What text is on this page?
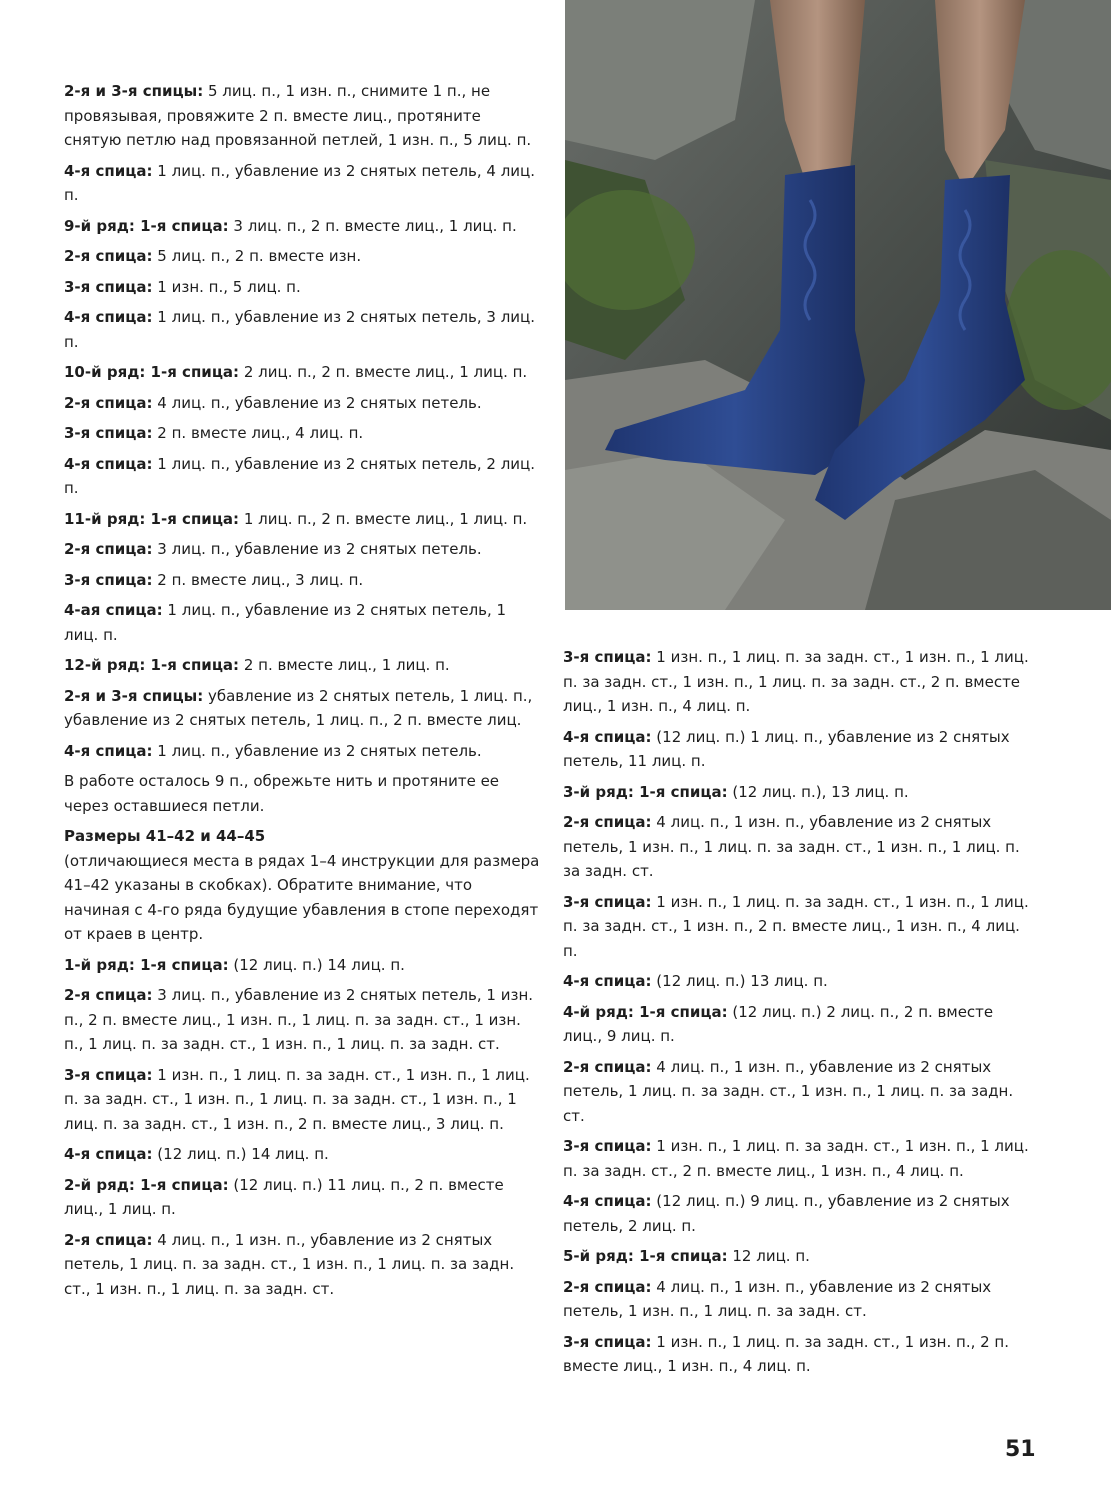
2-я и 3-я спицы: 5 лиц. п., 1 изн. п., снимите 1 п., не провязывая, провяжите 2 п. вместе лиц., протяните снятую петлю над провязанной петлей, 1 изн. п., 5 лиц. п.

4-я спица: 1 лиц. п., убавление из 2 снятых петель, 4 лиц. п.

9-й ряд: 1-я спица: 3 лиц. п., 2 п. вместе лиц., 1 лиц. п.

2-я спица: 5 лиц. п., 2 п. вместе изн.

3-я спица: 1 изн. п., 5 лиц. п.

4-я спица: 1 лиц. п., убавление из 2 снятых петель, 3 лиц. п.

10-й ряд: 1-я спица: 2 лиц. п., 2 п. вместе лиц., 1 лиц. п.

2-я спица: 4 лиц. п., убавление из 2 снятых петель.

3-я спица: 2 п. вместе лиц., 4 лиц. п.

4-я спица: 1 лиц. п., убавление из 2 снятых петель, 2 лиц. п.

11-й ряд: 1-я спица: 1 лиц. п., 2 п. вместе лиц., 1 лиц. п.

2-я спица: 3 лиц. п., убавление из 2 снятых петель.

3-я спица: 2 п. вместе лиц., 3 лиц. п.

4-ая спица: 1 лиц. п., убавление из 2 снятых петель, 1 лиц. п.

12-й ряд: 1-я спица: 2 п. вместе лиц., 1 лиц. п.

2-я и 3-я спицы: убавление из 2 снятых петель, 1 лиц. п., убавление из 2 снятых петель, 1 лиц. п., 2 п. вместе лиц.

4-я спица: 1 лиц. п., убавление из 2 снятых петель.

В работе осталось 9 п., обрежьте нить и протяните ее через оставшиеся петли.

Размеры 41–42 и 44–45

(отличающиеся места в рядах 1–4 инструкции для размера 41–42 указаны в скобках). Обратите внимание, что начиная с 4-го ряда будущие убавления в стопе переходят от краев в центр.

1-й ряд: 1-я спица: (12 лиц. п.) 14 лиц. п.

2-я спица: 3 лиц. п., убавление из 2 снятых петель, 1 изн. п., 2 п. вместе лиц., 1 изн. п., 1 лиц. п. за задн. ст., 1 изн. п., 1 лиц. п. за задн. ст., 1 изн. п., 1 лиц. п. за задн. ст.

3-я спица: 1 изн. п., 1 лиц. п. за задн. ст., 1 изн. п., 1 лиц. п. за задн. ст., 1 изн. п., 1 лиц. п. за задн. ст., 1 изн. п., 1 лиц. п. за задн. ст., 1 изн. п., 2 п. вместе лиц., 3 лиц. п.

4-я спица: (12 лиц. п.) 14 лиц. п.

2-й ряд: 1-я спица: (12 лиц. п.) 11 лиц. п., 2 п. вместе лиц., 1 лиц. п.

2-я спица: 4 лиц. п., 1 изн. п., убавление из 2 снятых петель, 1 лиц. п. за задн. ст., 1 изн. п., 1 лиц. п. за задн. ст., 1 изн. п., 1 лиц. п. за задн. ст.

3-я спица: 1 изн. п., 1 лиц. п. за задн. ст., 1 изн. п., 1 лиц. п. за задн. ст., 1 изн. п., 1 лиц. п. за задн. ст., 2 п. вместе лиц., 1 изн. п., 4 лиц. п.

4-я спица: (12 лиц. п.) 1 лиц. п., убавление из 2 снятых петель, 11 лиц. п.

3-й ряд: 1-я спица: (12 лиц. п.), 13 лиц. п.

2-я спица: 4 лиц. п., 1 изн. п., убавление из 2 снятых петель, 1 изн. п., 1 лиц. п. за задн. ст., 1 изн. п., 1 лиц. п. за задн. ст.

3-я спица: 1 изн. п., 1 лиц. п. за задн. ст., 1 изн. п., 1 лиц. п. за задн. ст., 1 изн. п., 2 п. вместе лиц., 1 изн. п., 4 лиц. п.

4-я спица: (12 лиц. п.) 13 лиц. п.

4-й ряд: 1-я спица: (12 лиц. п.) 2 лиц. п., 2 п. вместе лиц., 9 лиц. п.

2-я спица: 4 лиц. п., 1 изн. п., убавление из 2 снятых петель, 1 лиц. п. за задн. ст., 1 изн. п., 1 лиц. п. за задн. ст.

3-я спица: 1 изн. п., 1 лиц. п. за задн. ст., 1 изн. п., 1 лиц. п. за задн. ст., 2 п. вместе лиц., 1 изн. п., 4 лиц. п.

4-я спица: (12 лиц. п.) 9 лиц. п., убавление из 2 снятых петель, 2 лиц. п.

5-й ряд: 1-я спица: 12 лиц. п.

2-я спица: 4 лиц. п., 1 изн. п., убавление из 2 снятых петель, 1 изн. п., 1 лиц. п. за задн. ст.

3-я спица: 1 изн. п., 1 лиц. п. за задн. ст., 1 изн. п., 2 п. вместе лиц., 1 изн. п., 4 лиц. п.

51
